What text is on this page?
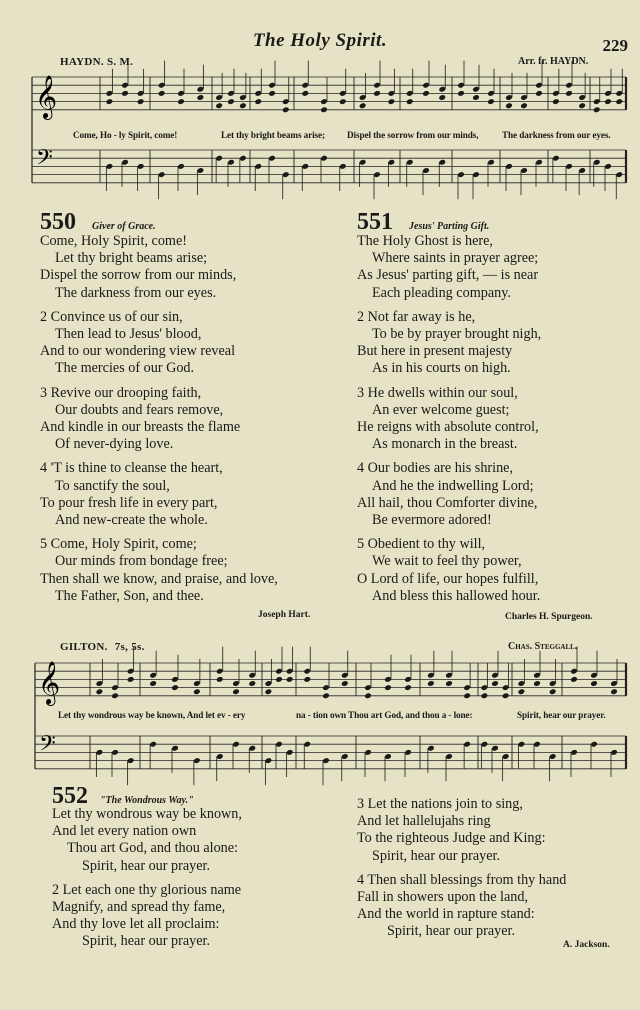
The Holy Spirit.	229
HAYDN. S. M.	Arr. fr. HAYDN.
𝄞
𝄢
𝄞
𝄢
Come, Ho - ly Spirit, come!	Let thy bright beams arise; Dispel the sorrow from our minds,	The darkness from our eyes.
550 Giver of Grace.
Come, Holy Spirit, come!
Let thy bright beams arise;
Dispel the sorrow from our minds,
The darkness from our eyes.
2 Convince us of our sin,
Then lead to Jesus' blood,
And to our wondering view reveal
The mercies of our God.
3 Revive our drooping faith,
Our doubts and fears remove,
And kindle in our breasts the flame
Of never-dying love.
4 'T is thine to cleanse the heart,
To sanctify the soul,
To pour fresh life in every part,
And new-create the whole.
5 Come, Holy Spirit, come;
Our minds from bondage free;
Then shall we know, and praise, and love,
The Father, Son, and thee.
Joseph Hart.
551 Jesus' Parting Gift.
The Holy Ghost is here,
Where saints in prayer agree;
As Jesus' parting gift, — is near
Each pleading company.
2 Not far away is he,
To be by prayer brought nigh,
But here in present majesty
As in his courts on high.
3 He dwells within our soul,
An ever welcome guest;
He reigns with absolute control,
As monarch in the breast.
4 Our bodies are his shrine,
And he the indwelling Lord;
All hail, thou Comforter divine,
Be evermore adored!
5 Obedient to thy will,
We wait to feel thy power,
O Lord of life, our hopes fulfill,
And bless this hallowed hour.
Charles H. Spurgeon.
GILTON. 7s, 5s.	Chas. Steggall.
Let thy wondrous way be known, And let ev - ery	na - tion own Thou art God, and thou a - lone:	Spirit, hear our prayer.
552 "The Wondrous Way."
Let thy wondrous way be known,
And let every nation own
Thou art God, and thou alone:
Spirit, hear our prayer.
2 Let each one thy glorious name
Magnify, and spread thy fame,
And thy love let all proclaim:
Spirit, hear our prayer.
3 Let the nations join to sing,
And let hallelujahs ring
To the righteous Judge and King:
Spirit, hear our prayer.
4 Then shall blessings from thy hand
Fall in showers upon the land,
And the world in rapture stand:
Spirit, hear our prayer.
A. Jackson.
